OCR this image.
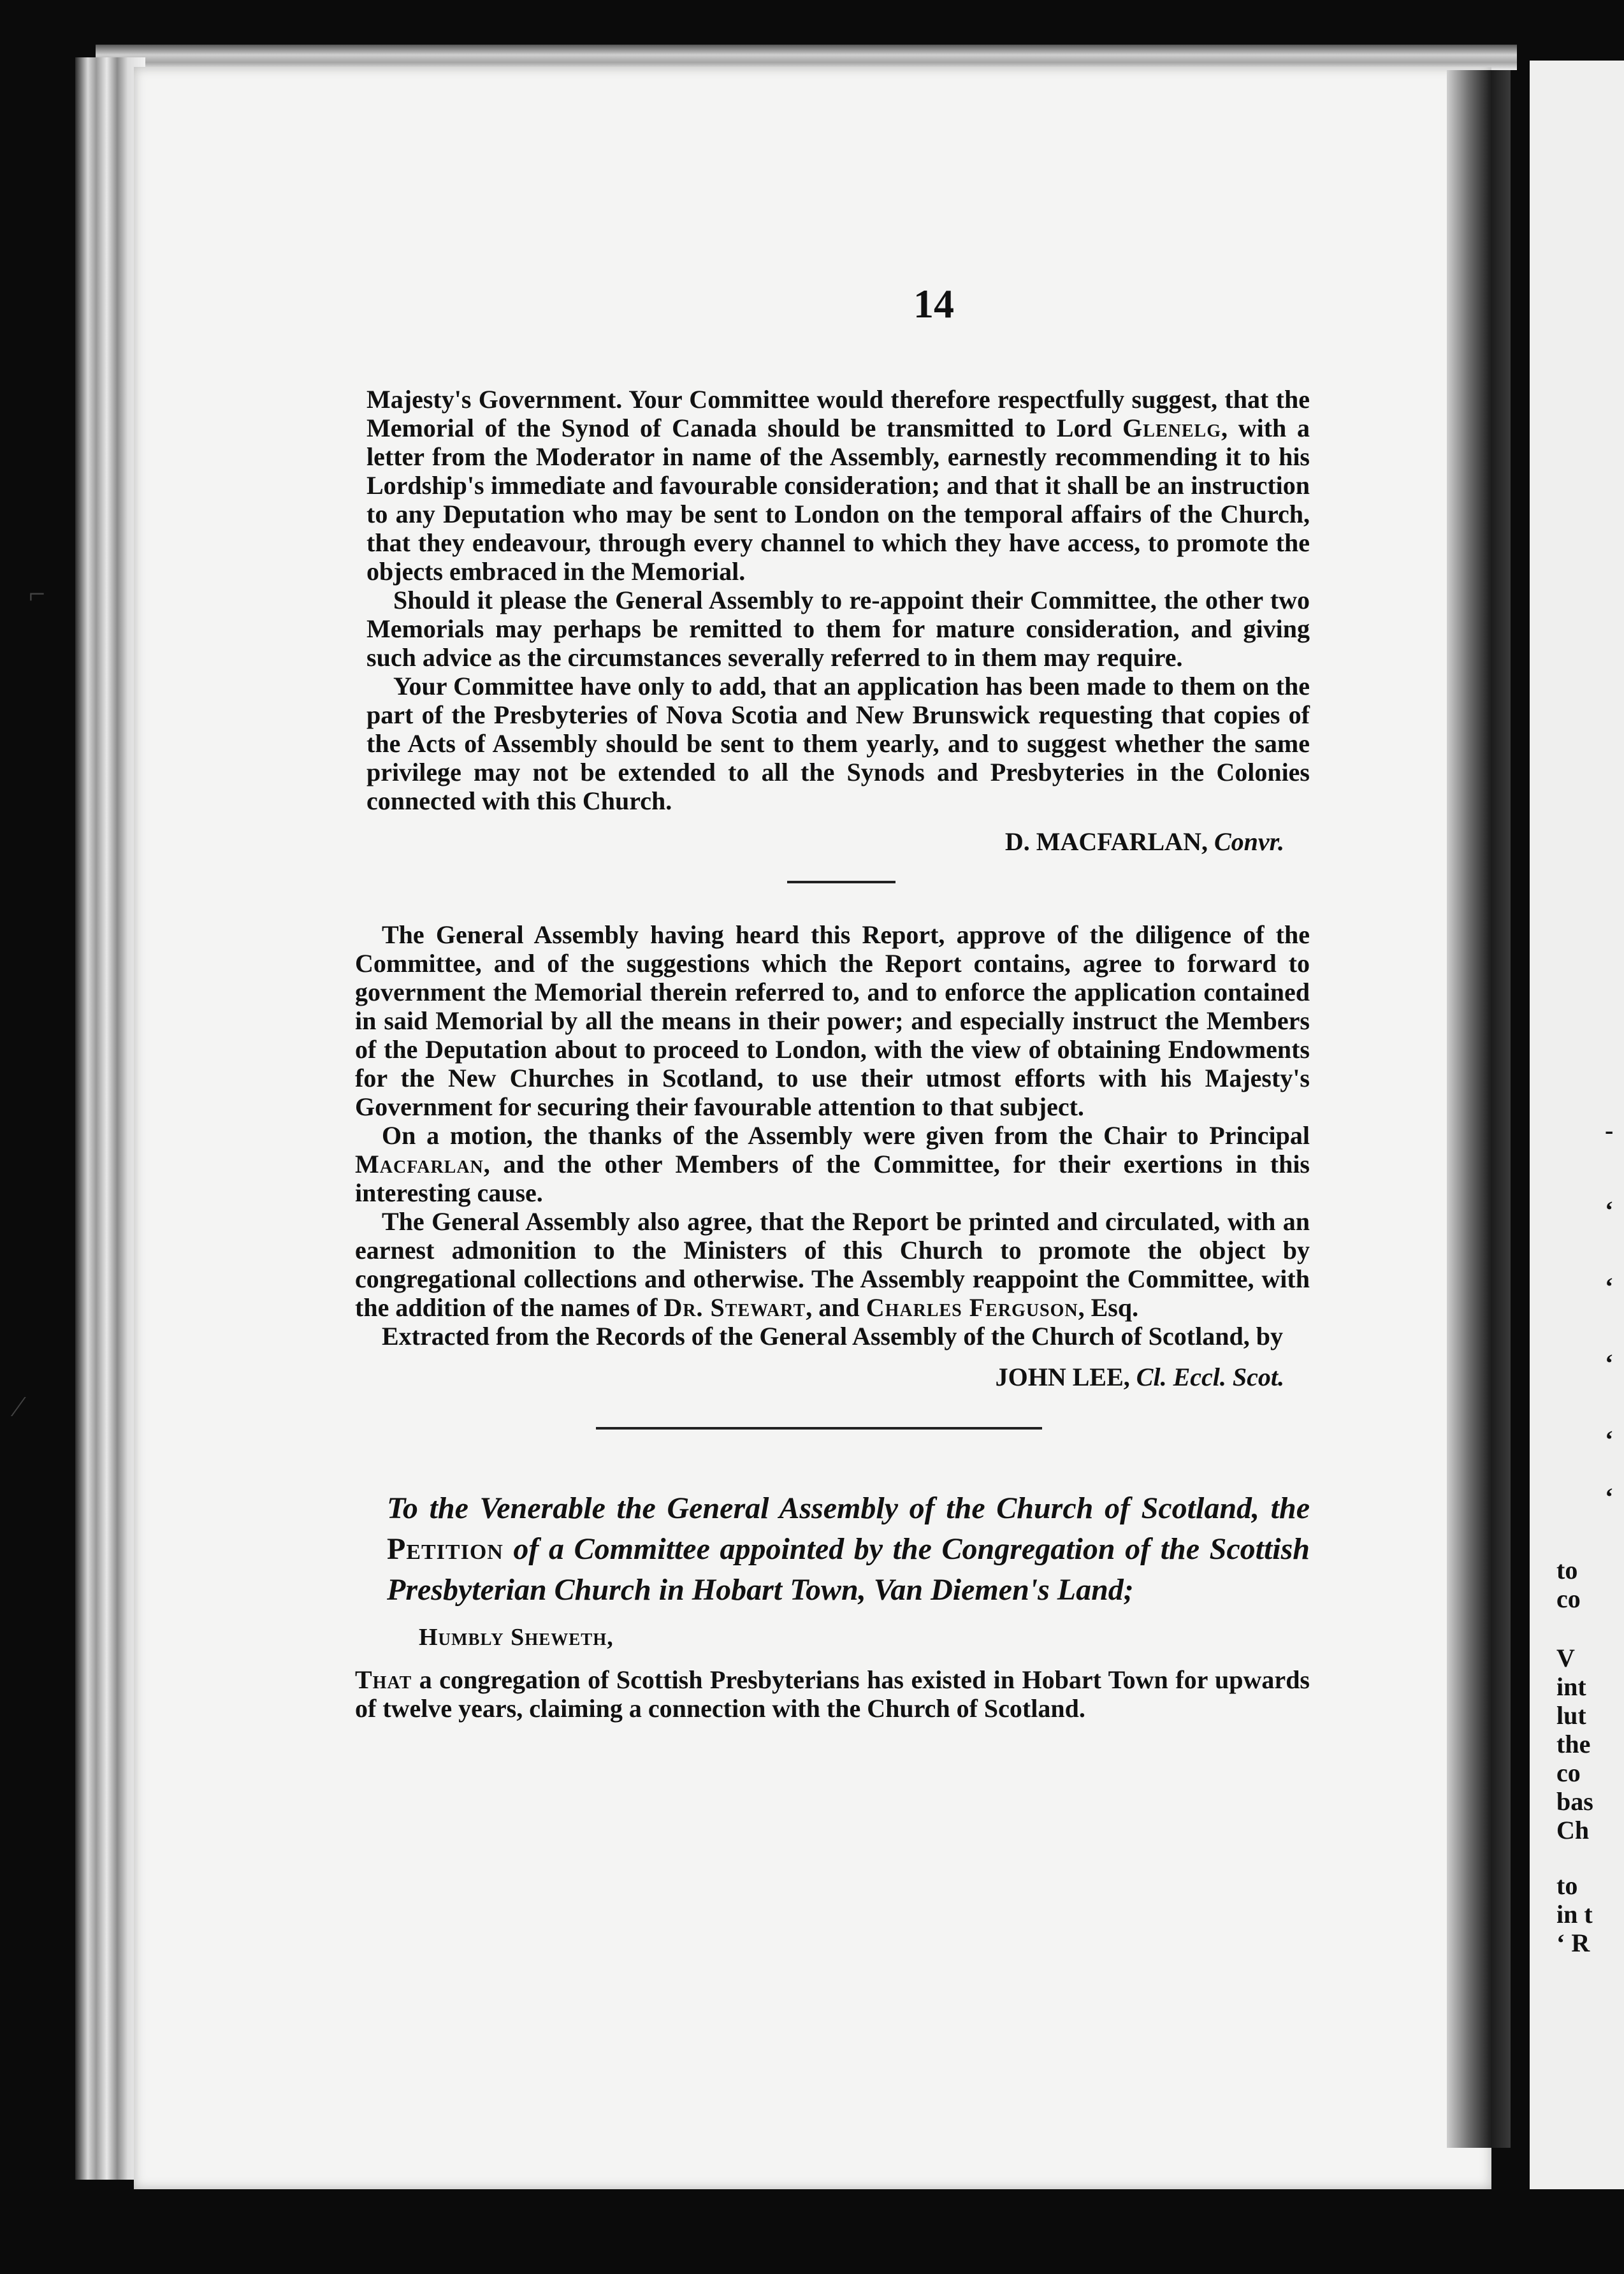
to
co
V
int
lut
the
co
bas
Ch
to
in t
‘ R
-
‘
‘
‘
‘
‘
⌐
⁄
14

Majesty's Government. Your Committee would therefore respectfully suggest, that the Memorial of the Synod of Canada should be transmitted to Lord Glenelg, with a letter from the Moderator in name of the Assembly, earnestly recommending it to his Lordship's immediate and favourable consideration; and that it shall be an instruction to any Deputation who may be sent to London on the temporal affairs of the Church, that they endeavour, through every channel to which they have access, to promote the objects embraced in the Memorial.

Should it please the General Assembly to re-appoint their Committee, the other two Memorials may perhaps be remitted to them for mature consideration, and giving such advice as the circumstances severally referred to in them may require.

Your Committee have only to add, that an application has been made to them on the part of the Presbyteries of Nova Scotia and New Brunswick requesting that copies of the Acts of Assembly should be sent to them yearly, and to suggest whether the same privilege may not be extended to all the Synods and Presbyteries in the Colonies connected with this Church.

D. MACFARLAN, Convr.

The General Assembly having heard this Report, approve of the diligence of the Committee, and of the suggestions which the Report contains, agree to forward to government the Memorial therein referred to, and to enforce the application contained in said Memorial by all the means in their power; and especially instruct the Members of the Deputation about to proceed to London, with the view of obtaining Endowments for the New Churches in Scotland, to use their utmost efforts with his Majesty's Government for securing their favourable attention to that subject.

On a motion, the thanks of the Assembly were given from the Chair to Principal Macfarlan, and the other Members of the Committee, for their exertions in this interesting cause.

The General Assembly also agree, that the Report be printed and circulated, with an earnest admonition to the Ministers of this Church to promote the object by congregational collections and otherwise. The Assembly reappoint the Committee, with the addition of the names of Dr. Stewart, and Charles Ferguson, Esq.

Extracted from the Records of the General Assembly of the Church of Scotland, by

JOHN LEE, Cl. Eccl. Scot.
To the Venerable the General Assembly of the Church of Scotland, the Petition of a Committee appointed by the Congregation of the Scottish Presbyterian Church in Hobart Town, Van Diemen's Land;
Humbly Sheweth,

That a congregation of Scottish Presbyterians has existed in Hobart Town for upwards of twelve years, claiming a connection with the Church of Scotland.
